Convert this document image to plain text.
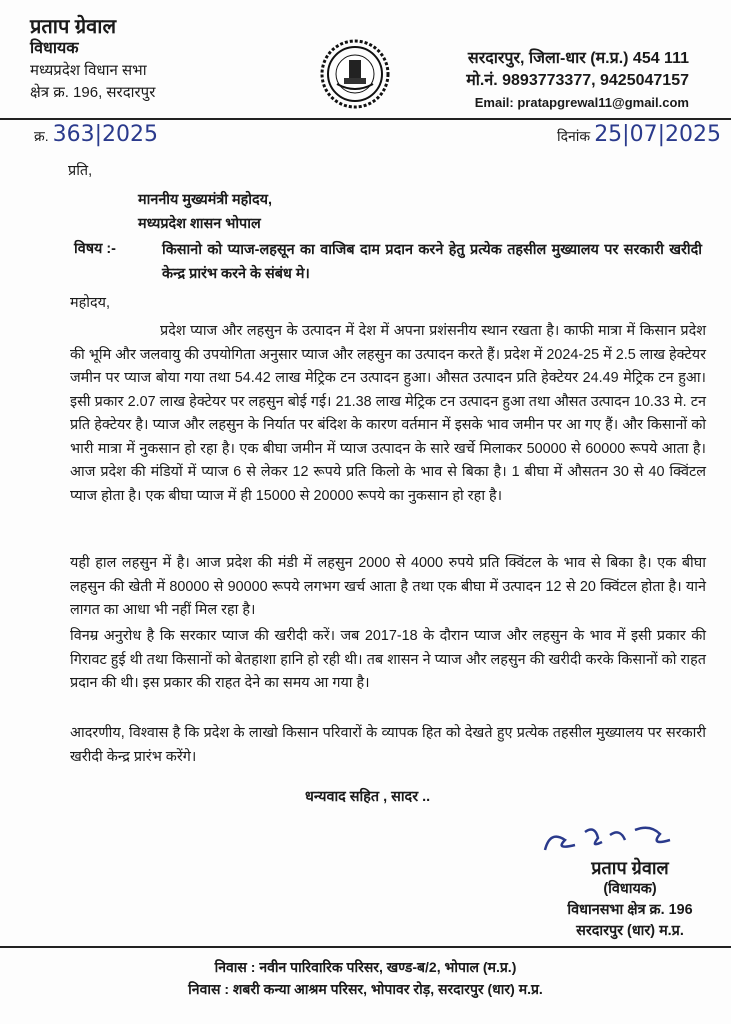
प्रताप ग्रेवाल
विधायक
मध्यप्रदेश विधान सभा
क्षेत्र क्र. 196, सरदारपुर
सरदारपुर, जिला-धार (म.प्र.) 454 111
मो.नं. 9893773377, 9425047157
Email: pratapgrewal11@gmail.com
क्र. 363|2025	दिनांक 25|07|2025
प्रति,
माननीय मुख्यमंत्री महोदय,
मध्यप्रदेश शासन भोपाल
विषय :-	किसानो को प्याज-लहसून का वाजिब दाम प्रदान करने हेतु प्रत्येक तहसील मुख्यालय पर सरकारी खरीदी केन्द्र प्रारंभ करने के संबंध मे।
महोदय,
प्रदेश प्याज और लहसुन के उत्पादन में देश में अपना प्रशंसनीय स्थान रखता है। काफी मात्रा में किसान प्रदेश की भूमि और जलवायु की उपयोगिता अनुसार प्याज और लहसुन का उत्पादन करते हैं। प्रदेश में 2024-25 में 2.5 लाख हेक्टेयर जमीन पर प्याज बोया गया तथा 54.42 लाख मेट्रिक टन उत्पादन हुआ। औसत उत्पादन प्रति हेक्टेयर 24.49 मेट्रिक टन हुआ। इसी प्रकार 2.07 लाख हेक्टेयर पर लहसुन बोई गई। 21.38 लाख मेट्रिक टन उत्पादन हुआ तथा औसत उत्पादन 10.33 मे. टन प्रति हेक्टेयर है। प्याज और लहसुन के निर्यात पर बंदिश के कारण वर्तमान में इसके भाव जमीन पर आ गए हैं। और किसानों को भारी मात्रा में नुकसान हो रहा है। एक बीघा जमीन में प्याज उत्पादन के सारे खर्चे मिलाकर 50000 से 60000 रूपये आता है। आज प्रदेश की मंडियों में प्याज 6 से लेकर 12 रूपये प्रति किलो के भाव से बिका है। 1 बीघा में औसतन 30 से 40 क्विंटल प्याज होता है। एक बीघा प्याज में ही 15000 से 20000 रूपये का नुकसान हो रहा है।
यही हाल लहसुन में है। आज प्रदेश की मंडी में लहसुन 2000 से 4000 रुपये प्रति क्विंटल के भाव से बिका है। एक बीघा लहसुन की खेती में 80000 से 90000 रूपये लगभग खर्च आता है तथा एक बीघा में उत्पादन 12 से 20 क्विंटल होता है। याने लागत का आधा भी नहीं मिल रहा है।
विनम्र अनुरोध है कि सरकार प्याज की खरीदी करें। जब 2017-18 के दौरान प्याज और लहसुन के भाव में इसी प्रकार की गिरावट हुई थी तथा किसानों को बेतहाशा हानि हो रही थी। तब शासन ने प्याज और लहसुन की खरीदी करके किसानों को राहत प्रदान की थी। इस प्रकार की राहत देने का समय आ गया है।
आदरणीय, विश्वास है कि प्रदेश के लाखो किसान परिवारों के व्यापक हित को देखते हुए प्रत्येक तहसील मुख्यालय पर सरकारी खरीदी केन्द्र प्रारंभ करेंगे।
धन्यवाद सहित , सादर ..
प्रताप ग्रेवाल
(विधायक)
विधानसभा क्षेत्र क्र. 196
सरदारपुर (धार) म.प्र.
निवास : नवीन पारिवारिक परिसर, खण्ड-ब/2, भोपाल (म.प्र.)
निवास : शबरी कन्या आश्रम परिसर, भोपावर रोड़, सरदारपुर (धार) म.प्र.
